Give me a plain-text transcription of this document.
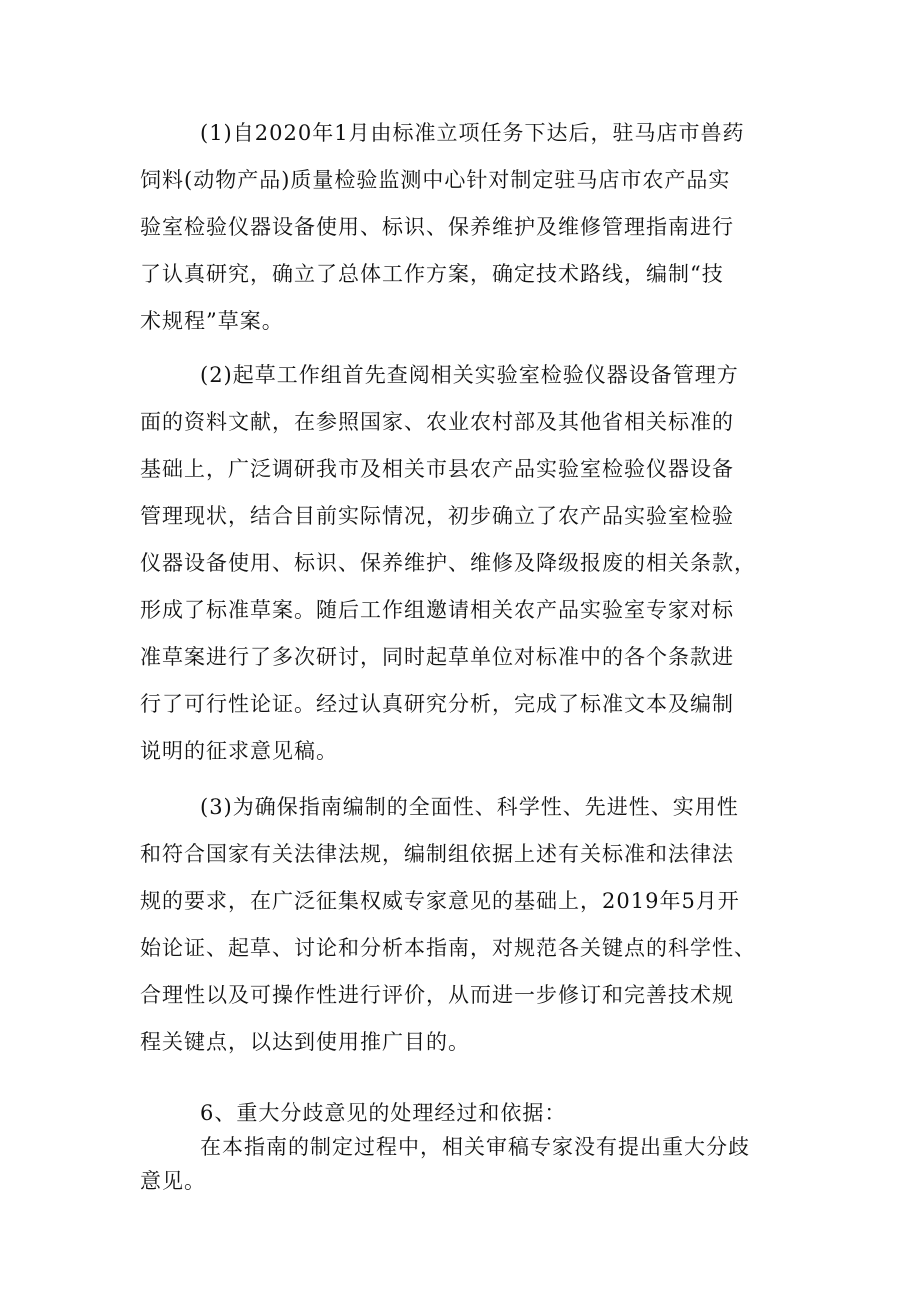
(1)自2020年1月由标准立项任务下达后，驻马店市兽药
饲料(动物产品)质量检验监测中心针对制定驻马店市农产品实
验室检验仪器设备使用、标识、保养维护及维修管理指南进行
了认真研究，确立了总体工作方案，确定技术路线，编制“技
术规程”草案。
(2)起草工作组首先查阅相关实验室检验仪器设备管理方
面的资料文献，在参照国家、农业农村部及其他省相关标准的
基础上，广泛调研我市及相关市县农产品实验室检验仪器设备
管理现状，结合目前实际情况，初步确立了农产品实验室检验
仪器设备使用、标识、保养维护、维修及降级报废的相关条款，
形成了标准草案。随后工作组邀请相关农产品实验室专家对标
准草案进行了多次研讨，同时起草单位对标准中的各个条款进
行了可行性论证。经过认真研究分析，完成了标准文本及编制
说明的征求意见稿。
(3)为确保指南编制的全面性、科学性、先进性、实用性
和符合国家有关法律法规，编制组依据上述有关标准和法律法
规的要求，在广泛征集权威专家意见的基础上，2019年5月开
始论证、起草、讨论和分析本指南，对规范各关键点的科学性、
合理性以及可操作性进行评价，从而进一步修订和完善技术规
程关键点，以达到使用推广目的。
6、重大分歧意见的处理经过和依据：
在本指南的制定过程中，相关审稿专家没有提出重大分歧
意见。
